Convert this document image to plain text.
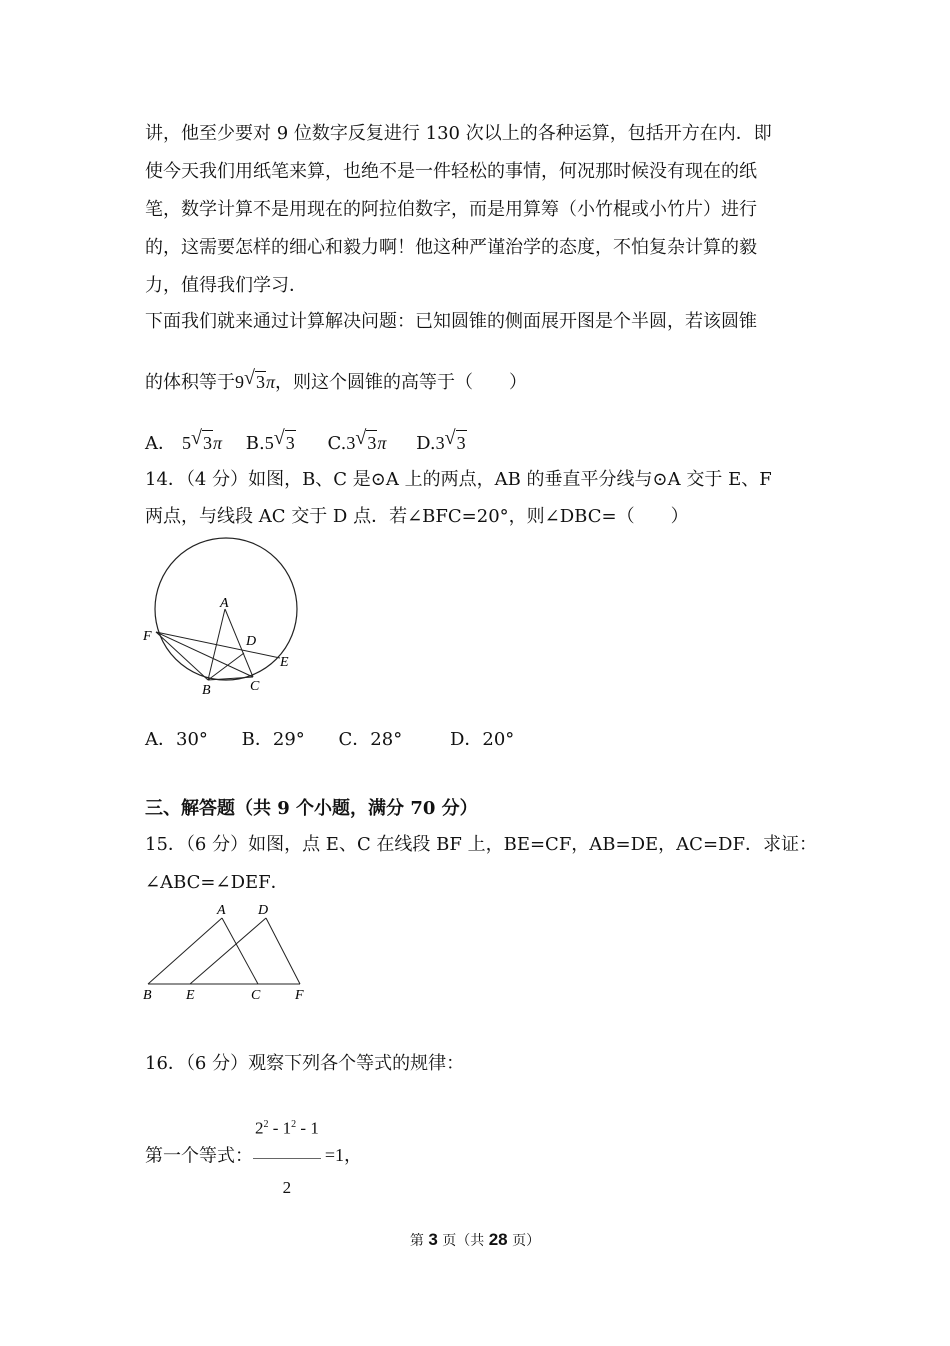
讲，他至少要对 9 位数字反复进行 130 次以上的各种运算，包括开方在内．即
使今天我们用纸笔来算，也绝不是一件轻松的事情，何况那时候没有现在的纸
笔，数学计算不是用现在的阿拉伯数字，而是用算筹（小竹棍或小竹片）进行
的，这需要怎样的细心和毅力啊！他这种严谨治学的态度，不怕复杂计算的毅
力，值得我们学习．
下面我们就来通过计算解决问题：已知圆锥的侧面展开图是个半圆，若该圆锥
的体积等于9 √ 3π，则这个圆锥的高等于（　　）
A． 5 √ 3π B.5 √ 3 C.3 √ 3π D.3 √ 3
14．（4 分）如图，B、C 是⊙A 上的两点，AB 的垂直平分线与⊙A 交于 E、F
两点，与线段 AC 交于 D 点．若∠BFC=20°，则∠DBC=（　　）
A
D
F
E
B	C
A．30° B．29° C．28°	D．20°
三、解答题（共 9 个小题，满分 70 分）
15．（6 分）如图，点 E、C 在线段 BF 上，BE=CF，AB=DE，AC=DF．求证：
∠ABC=∠DEF．
A D
B E	C F
16．（6 分）观察下列各个等式的规律：
第一个等式： $\frac{2^2 - 1^2 - 1}{2} =1$，
第 3 页（共 28 页）
